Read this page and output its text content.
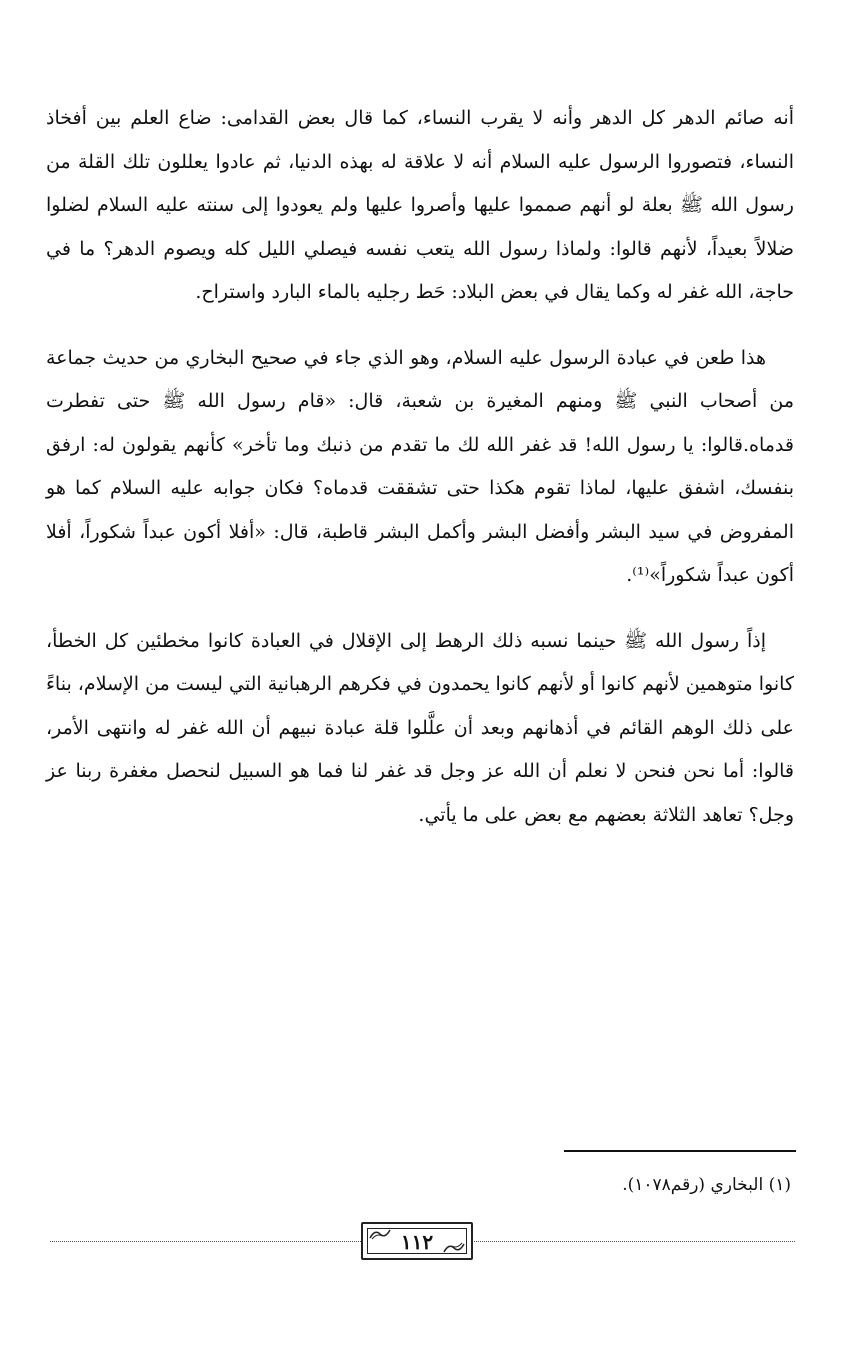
أنه صائم الدهر كل الدهر وأنه لا يقرب النساء، كما قال بعض القدامى: ضاع العلم بين أفخاذ النساء، فتصوروا الرسول عليه السلام أنه لا علاقة له بهذه الدنيا، ثم عادوا يعللون تلك القلة من رسول الله ﷺ بعلة لو أنهم صمموا عليها وأصروا عليها ولم يعودوا إلى سنته عليه السلام لضلوا ضلالاً بعيداً، لأنهم قالوا: ولماذا رسول الله يتعب نفسه فيصلي الليل كله ويصوم الدهر؟ ما في حاجة، الله غفر له وكما يقال في بعض البلاد: حَط رجليه بالماء البارد واستراح.

هذا طعن في عبادة الرسول عليه السلام، وهو الذي جاء في صحيح البخاري من حديث جماعة من أصحاب النبي ﷺ ومنهم المغيرة بن شعبة، قال: «قام رسول الله ﷺ حتى تفطرت قدماه.قالوا: يا رسول الله! قد غفر الله لك ما تقدم من ذنبك وما تأخر» كأنهم يقولون له: ارفق بنفسك، اشفق عليها، لماذا تقوم هكذا حتى تشققت قدماه؟ فكان جوابه عليه السلام كما هو المفروض في سيد البشر وأفضل البشر وأكمل البشر قاطبة، قال: «أفلا أكون عبداً شكوراً، أفلا أكون عبداً شكوراً»⁽¹⁾.

إذاً رسول الله ﷺ حينما نسبه ذلك الرهط إلى الإقلال في العبادة كانوا مخطئين كل الخطأ، كانوا متوهمين لأنهم كانوا أو لأنهم كانوا يحمدون في فكرهم الرهبانية التي ليست من الإسلام، بناءً على ذلك الوهم القائم في أذهانهم وبعد أن علَّلوا قلة عبادة نبيهم أن الله غفر له وانتهى الأمر، قالوا: أما نحن فنحن لا نعلم أن الله عز وجل قد غفر لنا فما هو السبيل لنحصل مغفرة ربنا عز وجل؟ تعاهد الثلاثة بعضهم مع بعض على ما يأتي.

(١) البخاري (رقم١٠٧٨).
١١٢
